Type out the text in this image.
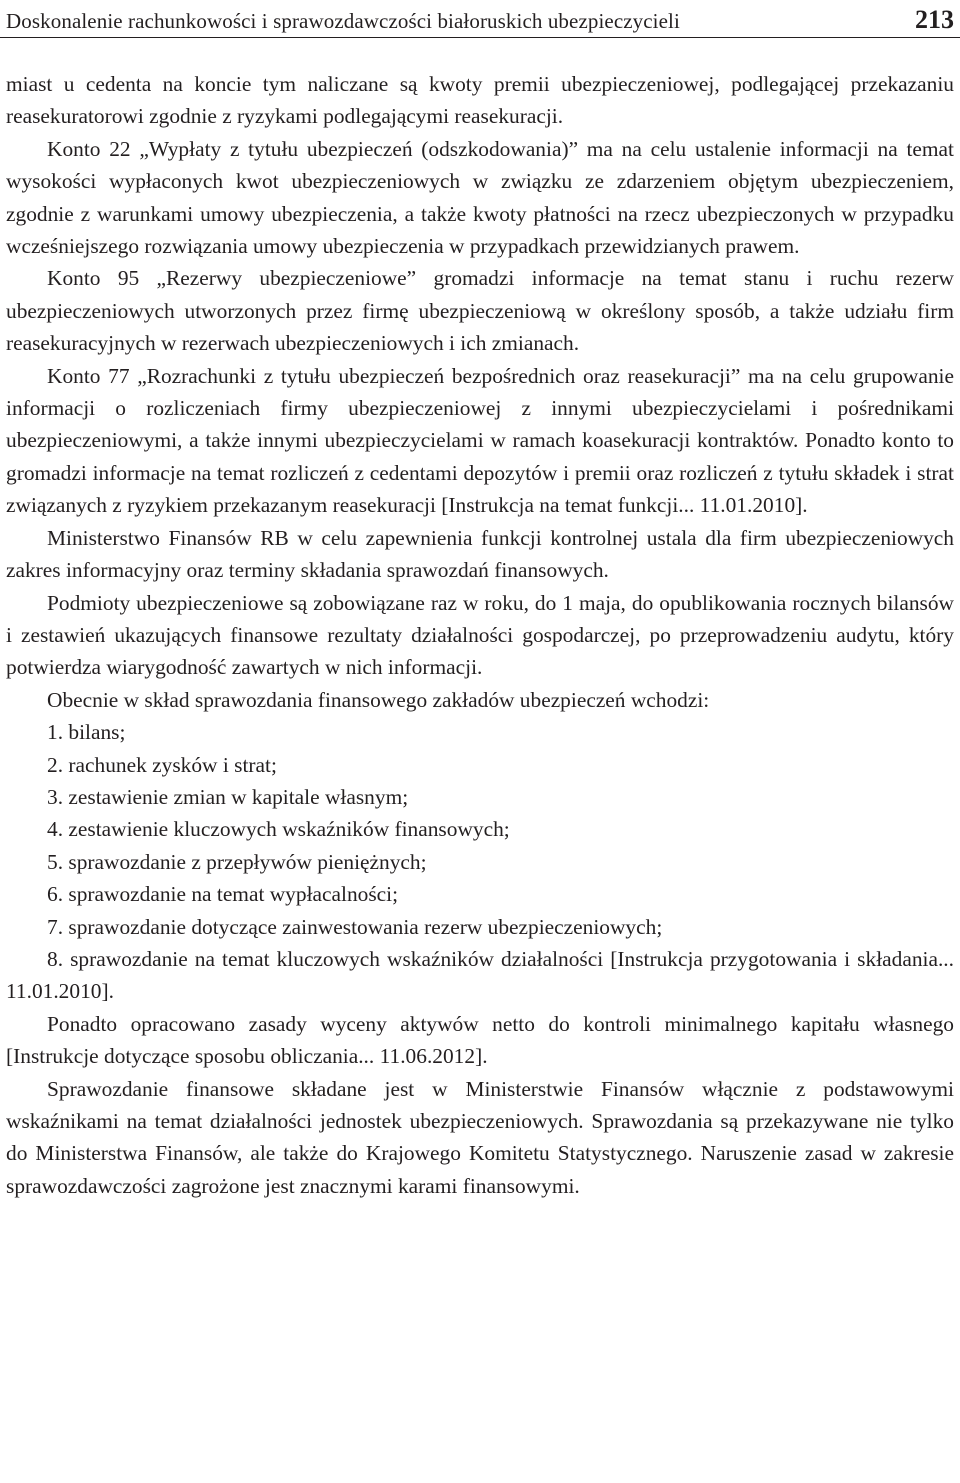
Doskonalenie rachunkowości i sprawozdawczości białoruskich ubezpieczycieli	213

miast u cedenta na koncie tym naliczane są kwoty premii ubezpieczeniowej, podlegającej przekazaniu reasekuratorowi zgodnie z ryzykami podlegającymi reasekuracji.

Konto 22 „Wypłaty z tytułu ubezpieczeń (odszkodowania)” ma na celu ustalenie informacji na temat wysokości wypłaconych kwot ubezpieczeniowych w związku ze zdarzeniem objętym ubezpieczeniem, zgodnie z warunkami umowy ubezpieczenia, a także kwoty płatności na rzecz ubezpieczonych w przypadku wcześniejszego rozwiązania umowy ubezpieczenia w przypadkach przewidzianych prawem.

Konto 95 „Rezerwy ubezpieczeniowe” gromadzi informacje na temat stanu i ruchu rezerw ubezpieczeniowych utworzonych przez firmę ubezpieczeniową w określony sposób, a także udziału firm reasekuracyjnych w rezerwach ubezpieczeniowych i ich zmianach.

Konto 77 „Rozrachunki z tytułu ubezpieczeń bezpośrednich oraz reasekuracji” ma na celu grupowanie informacji o rozliczeniach firmy ubezpieczeniowej z innymi ubezpieczycielami i pośrednikami ubezpieczeniowymi, a także innymi ubezpieczycielami w ramach koasekuracji kontraktów. Ponadto konto to gromadzi informacje na temat rozliczeń z cedentami depozytów i premii oraz rozliczeń z tytułu składek i strat związanych z ryzykiem przekazanym reasekuracji [Instrukcja na temat funkcji... 11.01.2010].

Ministerstwo Finansów RB w celu zapewnienia funkcji kontrolnej ustala dla firm ubezpieczeniowych zakres informacyjny oraz terminy składania sprawozdań finansowych.

Podmioty ubezpieczeniowe są zobowiązane raz w roku, do 1 maja, do opublikowania rocznych bilansów i zestawień ukazujących finansowe rezultaty działalności gospodarczej, po przeprowadzeniu audytu, który potwierdza wiarygodność zawartych w nich informacji.

Obecnie w skład sprawozdania finansowego zakładów ubezpieczeń wchodzi:

1. bilans;

2. rachunek zysków i strat;

3. zestawienie zmian w kapitale własnym;

4. zestawienie kluczowych wskaźników finansowych;

5. sprawozdanie z przepływów pieniężnych;

6. sprawozdanie na temat wypłacalności;

7. sprawozdanie dotyczące zainwestowania rezerw ubezpieczeniowych;

8. sprawozdanie na temat kluczowych wskaźników działalności [Instrukcja przygotowania i składania... 11.01.2010].

Ponadto opracowano zasady wyceny aktywów netto do kontroli minimalnego kapitału własnego [Instrukcje dotyczące sposobu obliczania... 11.06.2012].

Sprawozdanie finansowe składane jest w Ministerstwie Finansów włącznie z podstawowymi wskaźnikami na temat działalności jednostek ubezpieczeniowych. Sprawozdania są przekazywane nie tylko do Ministerstwa Finansów, ale także do Krajowego Komitetu Statystycznego. Naruszenie zasad w zakresie sprawozdawczości zagrożone jest znacznymi karami finansowymi.
